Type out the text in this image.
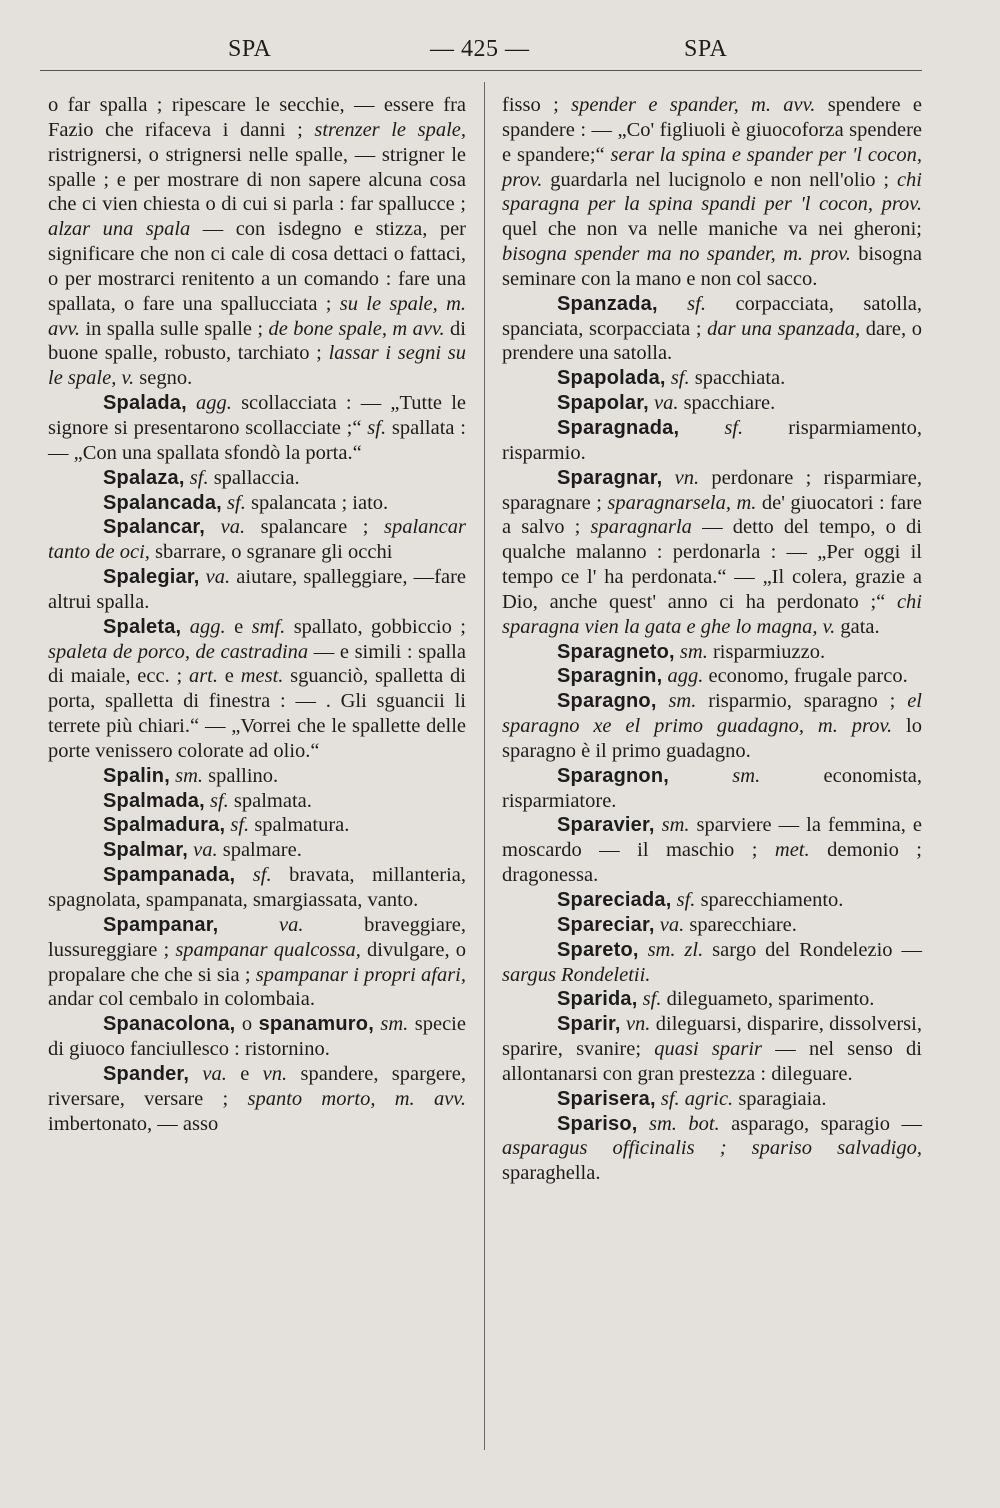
SPA	— 425 —	SPA

o far spalla ; ripescare le secchie, — essere fra Fazio che rifaceva i danni ; strenzer le spale, ristrignersi, o strignersi nelle spalle, — strigner le spalle ; e per mostrare di non sapere alcuna cosa che ci vien chiesta o di cui si parla : far spallucce ; alzar una spala — con isdegno e stizza, per significare che non ci cale di cosa dettaci o fattaci, o per mostrarci renitento a un comando : fare una spallata, o fare una spallucciata ; su le spale, m. avv. in spalla sulle spalle ; de bone spale, m avv. di buone spalle, robusto, tarchiato ; lassar i segni su le spale, v. segno.

Spalada, agg. scollacciata : — „Tutte le signore si presentarono scollacciate ;“ sf. spallata : — „Con una spallata sfondò la porta.“

Spalaza, sf. spallaccia.

Spalancada, sf. spalancata ; iato.

Spalancar, va. spalancare ; spalancar tanto de oci, sbarrare, o sgranare gli occhi

Spalegiar, va. aiutare, spalleggiare, —fare altrui spalla.

Spaleta, agg. e smf. spallato, gobbiccio ; spaleta de porco, de castradina — e simili : spalla di maiale, ecc. ; art. e mest. sguanciò, spalletta di porta, spalletta di finestra : — . Gli sguancii li terrete più chiari.“ — „Vorrei che le spallette delle porte venissero colorate ad olio.“

Spalin, sm. spallino.

Spalmada, sf. spalmata.

Spalmadura, sf. spalmatura.

Spalmar, va. spalmare.

Spampanada, sf. bravata, millanteria, spagnolata, spampanata, smargiassata, vanto.

Spampanar, va. braveggiare, lussureggiare ; spampanar qualcossa, divulgare, o propalare che che si sia ; spampanar i propri afari, andar col cembalo in colombaia.

Spanacolona, o spanamuro, sm. specie di giuoco fanciullesco : ristornino.

Spander, va. e vn. spandere, spargere, riversare, versare ; spanto morto, m. avv. imbertonato, — asso

fisso ; spender e spander, m. avv. spendere e spandere : — „Co' figliuoli è giuocoforza spendere e spandere;“ serar la spina e spander per 'l cocon, prov. guardarla nel lucignolo e non nell'olio ; chi sparagna per la spina spandi per 'l cocon, prov. quel che non va nelle maniche va nei gheroni; bisogna spender ma no spander, m. prov. bisogna seminare con la mano e non col sacco.

Spanzada, sf. corpacciata, satolla, spanciata, scorpacciata ; dar una spanzada, dare, o prendere una satolla.

Spapolada, sf. spacchiata.

Spapolar, va. spacchiare.

Sparagnada, sf. risparmiamento, risparmio.

Sparagnar, vn. perdonare ; risparmiare, sparagnare ; sparagnarsela, m. de' giuocatori : fare a salvo ; sparagnarla — detto del tempo, o di qualche malanno : perdonarla : — „Per oggi il tempo ce l' ha perdonata.“ — „Il colera, grazie a Dio, anche quest' anno ci ha perdonato ;“ chi sparagna vien la gata e ghe lo magna, v. gata.

Sparagneto, sm. risparmiuzzo.

Sparagnin, agg. economo, frugale parco.

Sparagno, sm. risparmio, sparagno ; el sparagno xe el primo guadagno, m. prov. lo sparagno è il primo guadagno.

Sparagnon, sm. economista, risparmiatore.

Sparavier, sm. sparviere — la femmina, e moscardo — il maschio ; met. demonio ; dragonessa.

Spareciada, sf. sparecchiamento.

Spareciar, va. sparecchiare.

Spareto, sm. zl. sargo del Rondelezio — sargus Rondeletii.

Sparida, sf. dileguameto, sparimento.

Sparir, vn. dileguarsi, disparire, dissolversi, sparire, svanire; quasi sparir — nel senso di allontanarsi con gran prestezza : dileguare.

Sparisera, sf. agric. sparagiaia.

Spariso, sm. bot. asparago, sparagio — asparagus officinalis ; spariso salvadigo, sparaghella.
